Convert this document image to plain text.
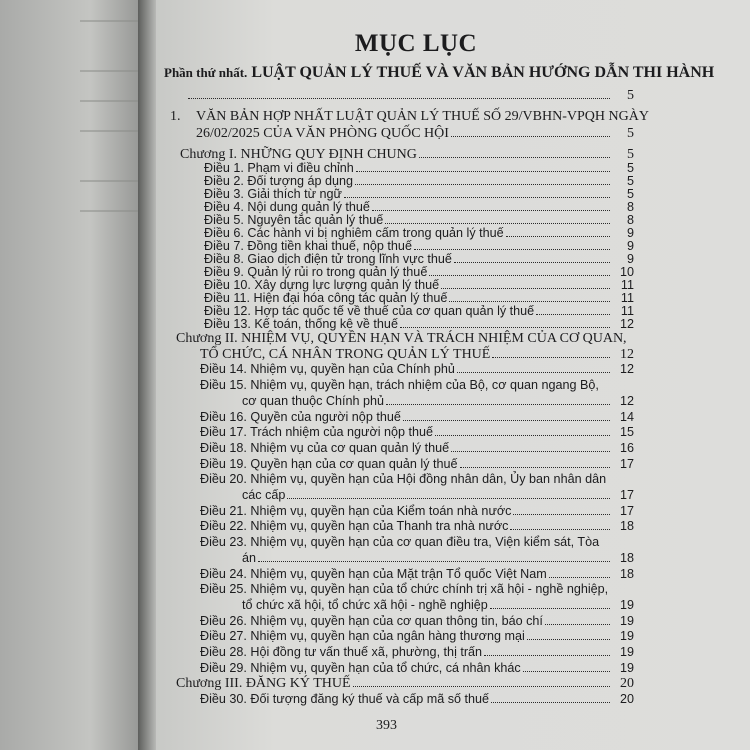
MỤC LỤC
Phần thứ nhất. LUẬT QUẢN LÝ THUẾ VÀ VĂN BẢN HƯỚNG DẪN THI HÀNH
5
1.	VĂN BẢN HỢP NHẤT LUẬT QUẢN LÝ THUẾ SỐ 29/VBHN-VPQH NGÀY
26/02/2025 CỦA VĂN PHÒNG QUỐC HỘI	5
Chương I. NHỮNG QUY ĐỊNH CHUNG	5
Điều 1. Phạm vi điều chỉnh	5
Điều 2. Đối tượng áp dụng	5
Điều 3. Giải thích từ ngữ	5
Điều 4. Nội dung quản lý thuế	8
Điều 5. Nguyên tắc quản lý thuế	8
Điều 6. Các hành vi bị nghiêm cấm trong quản lý thuế	9
Điều 7. Đồng tiền khai thuế, nộp thuế	9
Điều 8. Giao dịch điện tử trong lĩnh vực thuế	9
Điều 9. Quản lý rủi ro trong quản lý thuế	10
Điều 10. Xây dựng lực lượng quản lý thuế	11
Điều 11. Hiện đại hóa công tác quản lý thuế	11
Điều 12. Hợp tác quốc tế về thuế của cơ quan quản lý thuế	11
Điều 13. Kế toán, thống kê về thuế	12
Chương II. NHIỆM VỤ, QUYỀN HẠN VÀ TRÁCH NHIỆM CỦA CƠ QUAN,
TỔ CHỨC, CÁ NHÂN TRONG QUẢN LÝ THUẾ	12
Điều 14. Nhiệm vụ, quyền hạn của Chính phủ	12
Điều 15. Nhiệm vụ, quyền hạn, trách nhiệm của Bộ, cơ quan ngang Bộ,
cơ quan thuộc Chính phủ	12
Điều 16. Quyền của người nộp thuế	14
Điều 17. Trách nhiệm của người nộp thuế	15
Điều 18. Nhiệm vụ của cơ quan quản lý thuế	16
Điều 19. Quyền hạn của cơ quan quản lý thuế	17
Điều 20. Nhiệm vụ, quyền hạn của Hội đồng nhân dân, Ủy ban nhân dân
các cấp	17
Điều 21. Nhiệm vụ, quyền hạn của Kiểm toán nhà nước	17
Điều 22. Nhiệm vụ, quyền hạn của Thanh tra nhà nước	18
Điều 23. Nhiệm vụ, quyền hạn của cơ quan điều tra, Viện kiểm sát, Tòa
án	18
Điều 24. Nhiệm vụ, quyền hạn của Mặt trận Tổ quốc Việt Nam	18
Điều 25. Nhiệm vụ, quyền hạn của tổ chức chính trị xã hội - nghề nghiệp,
tổ chức xã hội, tổ chức xã hội - nghề nghiệp	19
Điều 26. Nhiệm vụ, quyền hạn của cơ quan thông tin, báo chí	19
Điều 27. Nhiệm vụ, quyền hạn của ngân hàng thương mại	19
Điều 28. Hội đồng tư vấn thuế xã, phường, thị trấn	19
Điều 29. Nhiệm vụ, quyền hạn của tổ chức, cá nhân khác	19
Chương III. ĐĂNG KÝ THUẾ	20
Điều 30. Đối tượng đăng ký thuế và cấp mã số thuế	20
393
